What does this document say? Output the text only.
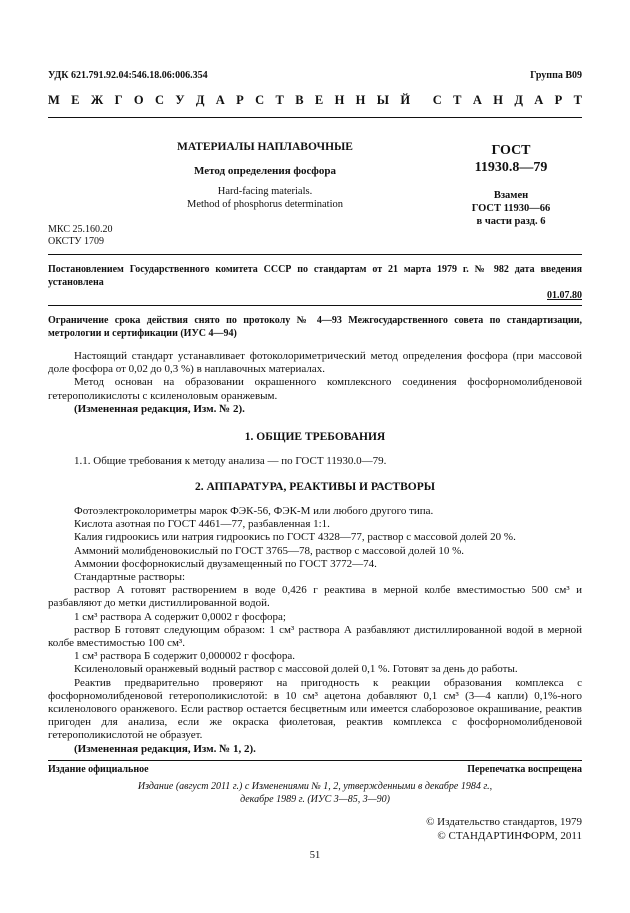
УДК 621.791.92.04:546.18.06:006.354	Группа В09
М Е Ж Г О С У Д А Р С Т В Е Н Н Ы Й С Т А Н Д А Р Т
МАТЕРИАЛЫ НАПЛАВОЧНЫЕ
Метод определения фосфора
Hard-facing materials.
Method of phosphorus determination
ГОСТ
11930.8—79
Взамен
ГОСТ 11930—66
в части разд. 6
МКС 25.160.20
ОКСТУ 1709
Постановлением Государственного комитета СССР по стандартам от 21 марта 1979 г. № 982 дата введения установлена
01.07.80
Ограничение срока действия снято по протоколу № 4—93 Межгосударственного совета по стандартизации, метрологии и сертификации (ИУС 4—94)

Настоящий стандарт устанавливает фотоколориметрический метод определения фосфора (при массовой доле фосфора от 0,02 до 0,3 %) в наплавочных материалах.

Метод основан на образовании окрашенного комплексного соединения фосфорномолибденовой гетерополикислоты с ксиленоловым оранжевым.

(Измененная редакция, Изм. № 2).

1. ОБЩИЕ ТРЕБОВАНИЯ

1.1. Общие требования к методу анализа — по ГОСТ 11930.0—79.

2. АППАРАТУРА, РЕАКТИВЫ И РАСТВОРЫ

Фотоэлектроколориметры марок ФЭК-56, ФЭК-М или любого другого типа.

Кислота азотная по ГОСТ 4461—77, разбавленная 1:1.

Калия гидроокись или натрия гидроокись по ГОСТ 4328—77, раствор с массовой долей 20 %.

Аммоний молибденовокислый по ГОСТ 3765—78, раствор с массовой долей 10 %.

Аммонии фосфорнокислый двузамещенный по ГОСТ 3772—74.

Стандартные растворы:

раствор А готовят растворением в воде 0,426 г реактива в мерной колбе вместимостью 500 см³ и разбавляют до метки дистиллированной водой.

1 см³ раствора А содержит 0,0002 г фосфора;

раствор Б готовят следующим образом: 1 см³ раствора А разбавляют дистиллированной водой в мерной колбе вместимостью 100 см³.

1 см³ раствора Б содержит 0,000002 г фосфора.

Ксиленоловый оранжевый водный раствор с массовой долей 0,1 %. Готовят за день до работы.

Реактив предварительно проверяют на пригодность к реакции образования комплекса с фосфорномолибденовой гетерополикислотой: в 10 см³ ацетона добавляют 0,1 см³ (3—4 капли) 0,1%-ного ксиленолового оранжевого. Если раствор остается бесцветным или имеется слаборозовое окрашивание, реактив пригоден для анализа, если же окраска фиолетовая, реактив комплекса с фосфорномолибденовой гетерополикислотой не образует.

(Измененная редакция, Изм. № 1, 2).

Издание официальное	Перепечатка воспрещена
Издание (август 2011 г.) с Изменениями № 1, 2, утвержденными в декабре 1984 г.,
декабре 1989 г. (ИУС 3—85, 3—90)
© Издательство стандартов, 1979
© СТАНДАРТИНФОРМ, 2011
51
